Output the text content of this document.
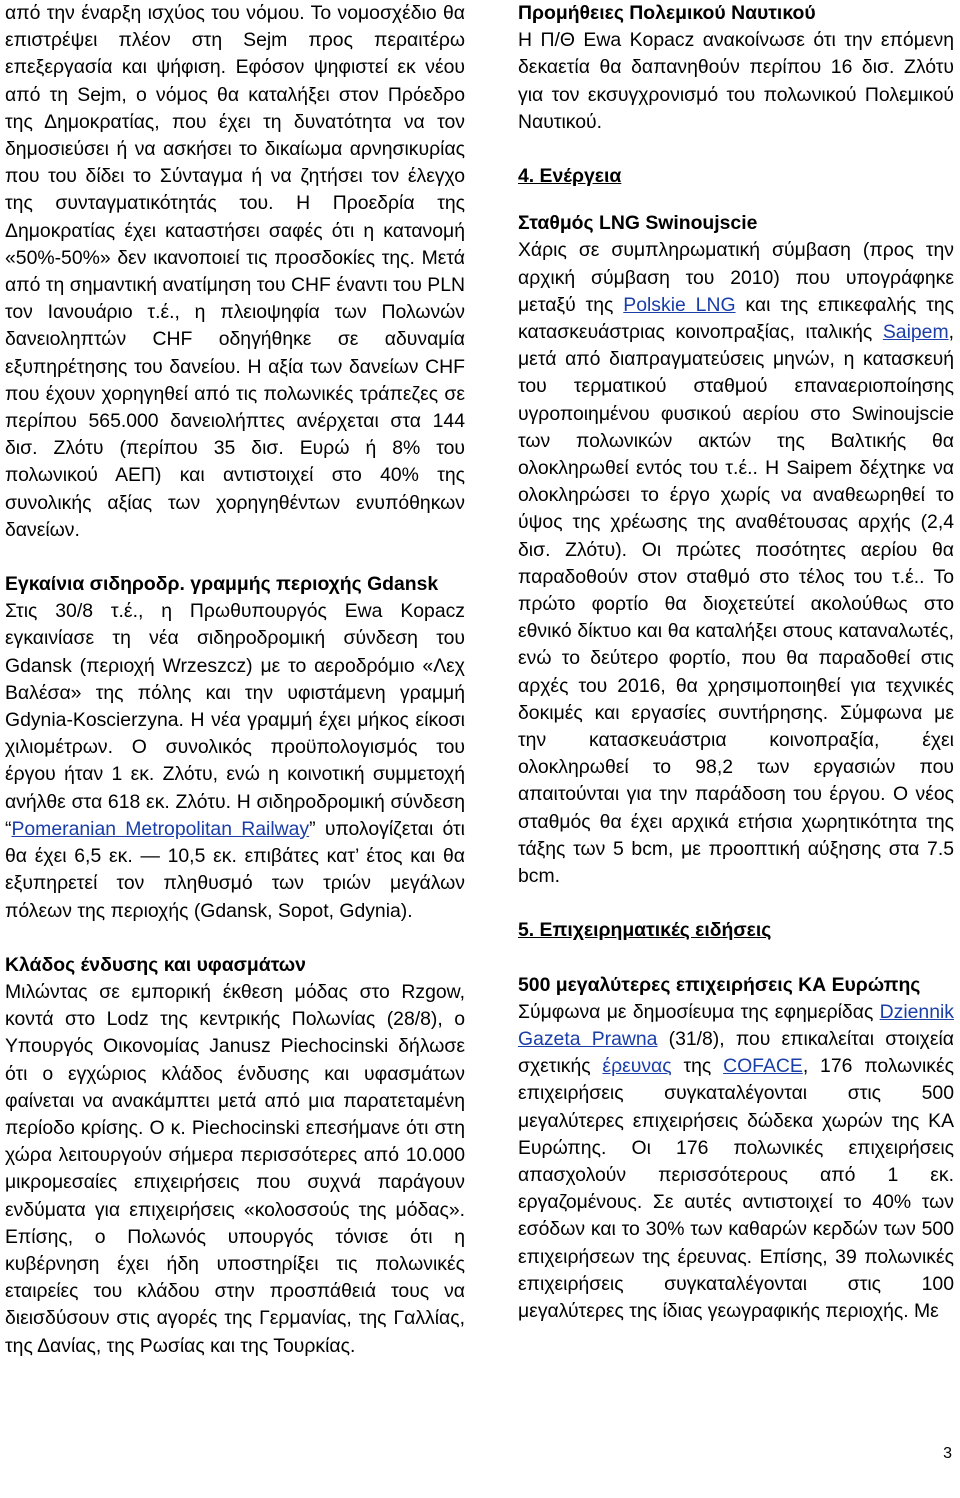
από την έναρξη ισχύος του νόμου. Το νομοσχέδιο θα επιστρέψει πλέον στη Sejm προς περαιτέρω επεξεργασία και ψήφιση. Εφόσον ψηφιστεί εκ νέου από τη Sejm, ο νόμος θα καταλήξει στον Πρόεδρο της Δημοκρατίας, που έχει τη δυνατότητα να τον δημοσιεύσει ή να ασκήσει το δικαίωμα αρνησικυρίας που του δίδει το Σύνταγμα ή να ζητήσει τον έλεγχο της συνταγματικότητάς του. Η Προεδρία της Δημοκρατίας έχει καταστήσει σαφές ότι η κατανομή «50%-50%» δεν ικανοποιεί τις προσδοκίες της. Μετά από τη σημαντική ανατίμηση του CHF έναντι του PLN τον Ιανουάριο τ.έ., η πλειοψηφία των Πολωνών δανειοληπτών CHF οδηγήθηκε σε αδυναμία εξυπηρέτησης του δανείου. Η αξία των δανείων CHF που έχουν χορηγηθεί από τις πολωνικές τράπεζες σε περίπου 565.000 δανειολήπτες ανέρχεται στα 144 δισ. Ζλότυ (περίπου 35 δισ. Ευρώ ή 8% του πολωνικού ΑΕΠ) και αντιστοιχεί στο 40% της συνολικής αξίας των χορηγηθέντων ενυπόθηκων δανείων.

Εγκαίνια σιδηροδρ. γραμμής περιοχής Gdansk

Στις 30/8 τ.έ., η Πρωθυπουργός Ewa Kopacz εγκαινίασε τη νέα σιδηροδρομική σύνδεση του Gdansk (περιοχή Wrzeszcz) με το αεροδρόμιο «Λεχ Βαλέσα» της πόλης και την υφιστάμενη γραμμή Gdynia-Koscierzyna. Η νέα γραμμή έχει μήκος είκοσι χιλιομέτρων. Ο συνολικός προϋπολογισμός του έργου ήταν 1 εκ. Ζλότυ, ενώ η κοινοτική συμμετοχή ανήλθε στα 618 εκ. Ζλότυ. Η σιδηροδρομική σύνδεση “Pomeranian Metropolitan Railway” υπολογίζεται ότι θα έχει 6,5 εκ. — 10,5 εκ. επιβάτες κατ’ έτος και θα εξυπηρετεί τον πληθυσμό των τριών μεγάλων πόλεων της περιοχής (Gdansk, Sopot, Gdynia).

Κλάδος ένδυσης και υφασμάτων

Μιλώντας σε εμπορική έκθεση μόδας στο Rzgow, κοντά στο Lodz της κεντρικής Πολωνίας (28/8), ο Υπουργός Οικονομίας Janusz Piechocinski δήλωσε ότι ο εγχώριος κλάδος ένδυσης και υφασμάτων φαίνεται να ανακάμπτει μετά από μια παρατεταμένη περίοδο κρίσης. Ο κ. Piechocinski επεσήμανε ότι στη χώρα λειτουργούν σήμερα περισσότερες από 10.000 μικρομεσαίες επιχειρήσεις που συχνά παράγουν ενδύματα για επιχειρήσεις «κολοσσούς της μόδας». Επίσης, ο Πολωνός υπουργός τόνισε ότι η κυβέρνηση έχει ήδη υποστηρίξει τις πολωνικές εταιρείες του κλάδου στην προσπάθειά τους να διεισδύσουν στις αγορές της Γερμανίας, της Γαλλίας, της Δανίας, της Ρωσίας και της Τουρκίας.

Προμήθειες Πολεμικού Ναυτικού

Η Π/Θ Ewa Kopacz ανακοίνωσε ότι την επόμενη δεκαετία θα δαπανηθούν περίπου 16 δισ. Ζλότυ για τον εκσυγχρονισμό του πολωνικού Πολεμικού Ναυτικού.

4. Ενέργεια

Σταθμός LNG Swinoujscie

Χάρις σε συμπληρωματική σύμβαση (προς την αρχική σύμβαση του 2010) που υπογράφηκε μεταξύ της Polskie LNG και της επικεφαλής της κατασκευάστριας κοινοπραξίας, ιταλικής Saipem, μετά από διαπραγματεύσεις μηνών, η κατασκευή του τερματικού σταθμού επαναεριοποίησης υγροποιημένου φυσικού αερίου στο Swinoujscie των πολωνικών ακτών της Βαλτικής θα ολοκληρωθεί εντός του τ.έ.. Η Saipem δέχτηκε να ολοκληρώσει το έργο χωρίς να αναθεωρηθεί το ύψος της χρέωσης της αναθέτουσας αρχής (2,4 δισ. Ζλότυ). Οι πρώτες ποσότητες αερίου θα παραδοθούν στον σταθμό στο τέλος του τ.έ.. Το πρώτο φορτίο θα διοχετεύτεί ακολούθως στο εθνικό δίκτυο και θα καταλήξει στους καταναλωτές, ενώ το δεύτερο φορτίο, που θα παραδοθεί στις αρχές του 2016, θα χρησιμοποιηθεί για τεχνικές δοκιμές και εργασίες συντήρησης. Σύμφωνα με την κατασκευάστρια κοινοπραξία, έχει ολοκληρωθεί το 98,2 των εργασιών που απαιτούνται για την παράδοση του έργου. Ο νέος σταθμός θα έχει αρχικά ετήσια χωρητικότητα της τάξης των 5 bcm, με προοπτική αύξησης στα 7.5 bcm.

5. Επιχειρηματικές ειδήσεις

500 μεγαλύτερες επιχειρήσεις ΚΑ Ευρώπης

Σύμφωνα με δημοσίευμα της εφημερίδας Dziennik Gazeta Prawna (31/8), που επικαλείται στοιχεία σχετικής έρευνας της COFACE, 176 πολωνικές επιχειρήσεις συγκαταλέγονται στις 500 μεγαλύτερες επιχειρήσεις δώδεκα χωρών της ΚΑ Ευρώπης. Οι 176 πολωνικές επιχειρήσεις απασχολούν περισσότερους από 1 εκ. εργαζομένους. Σε αυτές αντιστοιχεί το 40% των εσόδων και το 30% των καθαρών κερδών των 500 επιχειρήσεων της έρευνας. Επίσης, 39 πολωνικές επιχειρήσεις συγκαταλέγονται στις 100 μεγαλύτερες της ίδιας γεωγραφικής περιοχής. Με

3
